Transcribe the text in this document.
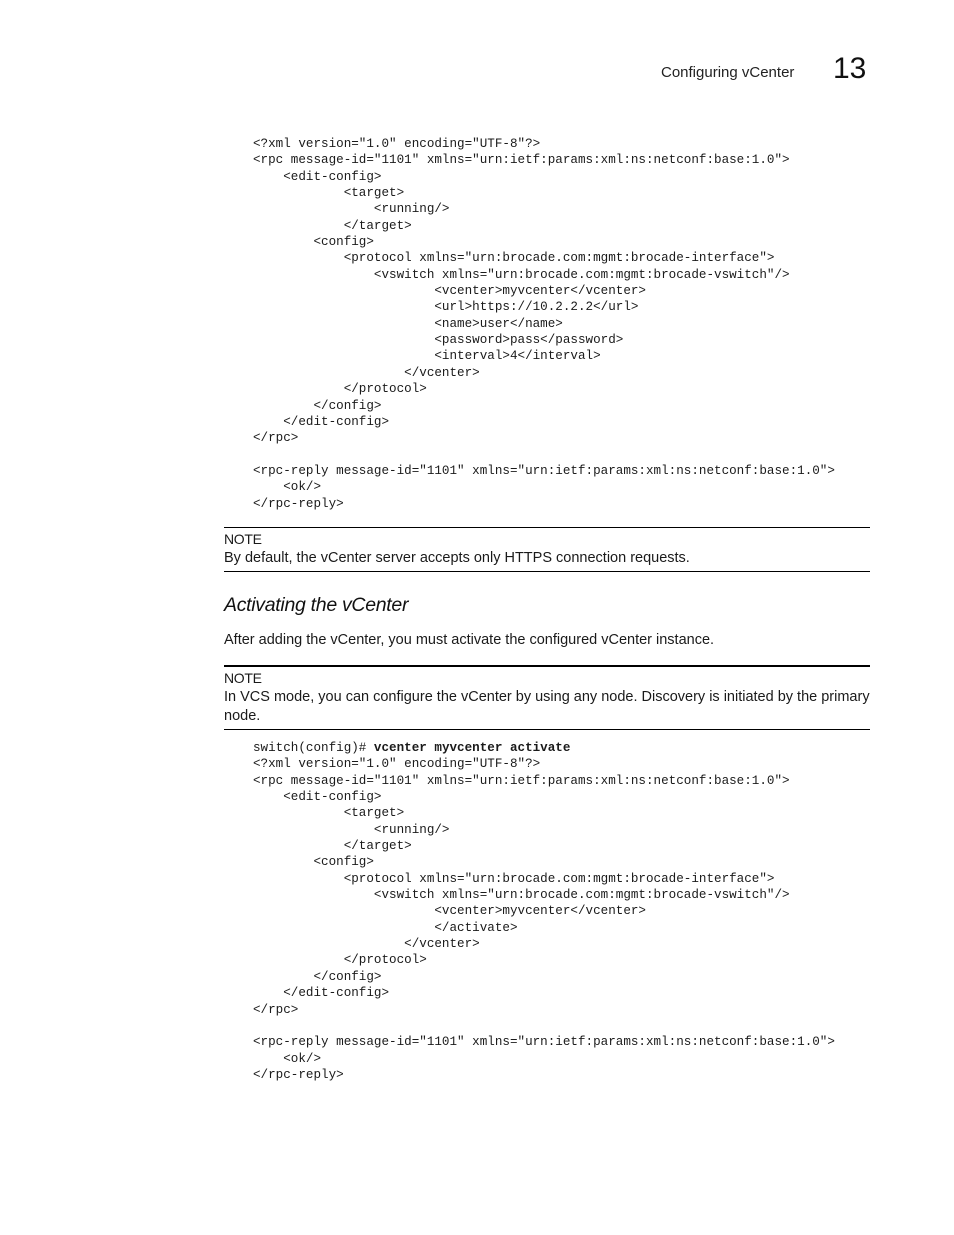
Configuring vCenter 13
<?xml version="1.0" encoding="UTF-8"?>
<rpc message-id="1101" xmlns="urn:ietf:params:xml:ns:netconf:base:1.0">
<edit-config>
<target>
<running/>
</target>
<config>
<protocol xmlns="urn:brocade.com:mgmt:brocade-interface">
<vswitch xmlns="urn:brocade.com:mgmt:brocade-vswitch"/>
<vcenter>myvcenter</vcenter>
<url>https://10.2.2.2</url>
<name>user</name>
<password>pass</password>
<interval>4</interval>
</vcenter>
</protocol>
</config>
</edit-config>
</rpc>
<rpc-reply message-id="1101" xmlns="urn:ietf:params:xml:ns:netconf:base:1.0">
<ok/>
</rpc-reply>
NOTE
By default, the vCenter server accepts only HTTPS connection requests.
Activating the vCenter
After adding the vCenter, you must activate the configured vCenter instance.
NOTE
In VCS mode, you can configure the vCenter by using any node. Discovery is initiated by the primary node.
switch(config)# vcenter myvcenter activate
<?xml version="1.0" encoding="UTF-8"?>
<rpc message-id="1101" xmlns="urn:ietf:params:xml:ns:netconf:base:1.0">
<edit-config>
<target>
<running/>
</target>
<config>
<protocol xmlns="urn:brocade.com:mgmt:brocade-interface">
<vswitch xmlns="urn:brocade.com:mgmt:brocade-vswitch"/>
<vcenter>myvcenter</vcenter>
</activate>
</vcenter>
</protocol>
</config>
</edit-config>
</rpc>
<rpc-reply message-id="1101" xmlns="urn:ietf:params:xml:ns:netconf:base:1.0">
<ok/>
</rpc-reply>
